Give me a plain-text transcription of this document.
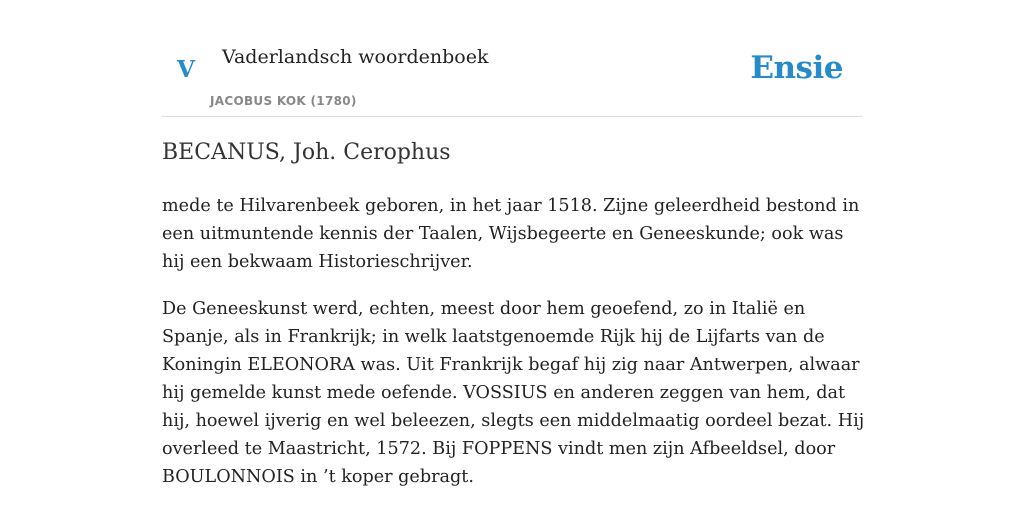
V Vaderlandsch woordenboek
JACOBUS KOK (1780)
Ensie
BECANUS, Joh. Cerophus

mede te Hilvarenbeek geboren, in het jaar 1518. Zijne geleerdheid bestond in een uitmuntende kennis der Taalen, Wijsbegeerte en Geneeskunde; ook was hij een bekwaam Historieschrijver.

De Geneeskunst werd, echten, meest door hem geoefend, zo in Italië en Spanje, als in Frankrijk; in welk laatstgenoemde Rijk hij de Lijfarts van de Koningin ELEONORA was. Uit Frankrijk begaf hij zig naar Antwerpen, alwaar hij gemelde kunst mede oefende. VOSSIUS en anderen zeggen van hem, dat hij, hoewel ijverig en wel beleezen, slegts een middelmaatig oordeel bezat. Hij overleed te Maastricht, 1572. Bij FOPPENS vindt men zijn Afbeeldsel, door BOULONNOIS in ’t koper gebragt.
